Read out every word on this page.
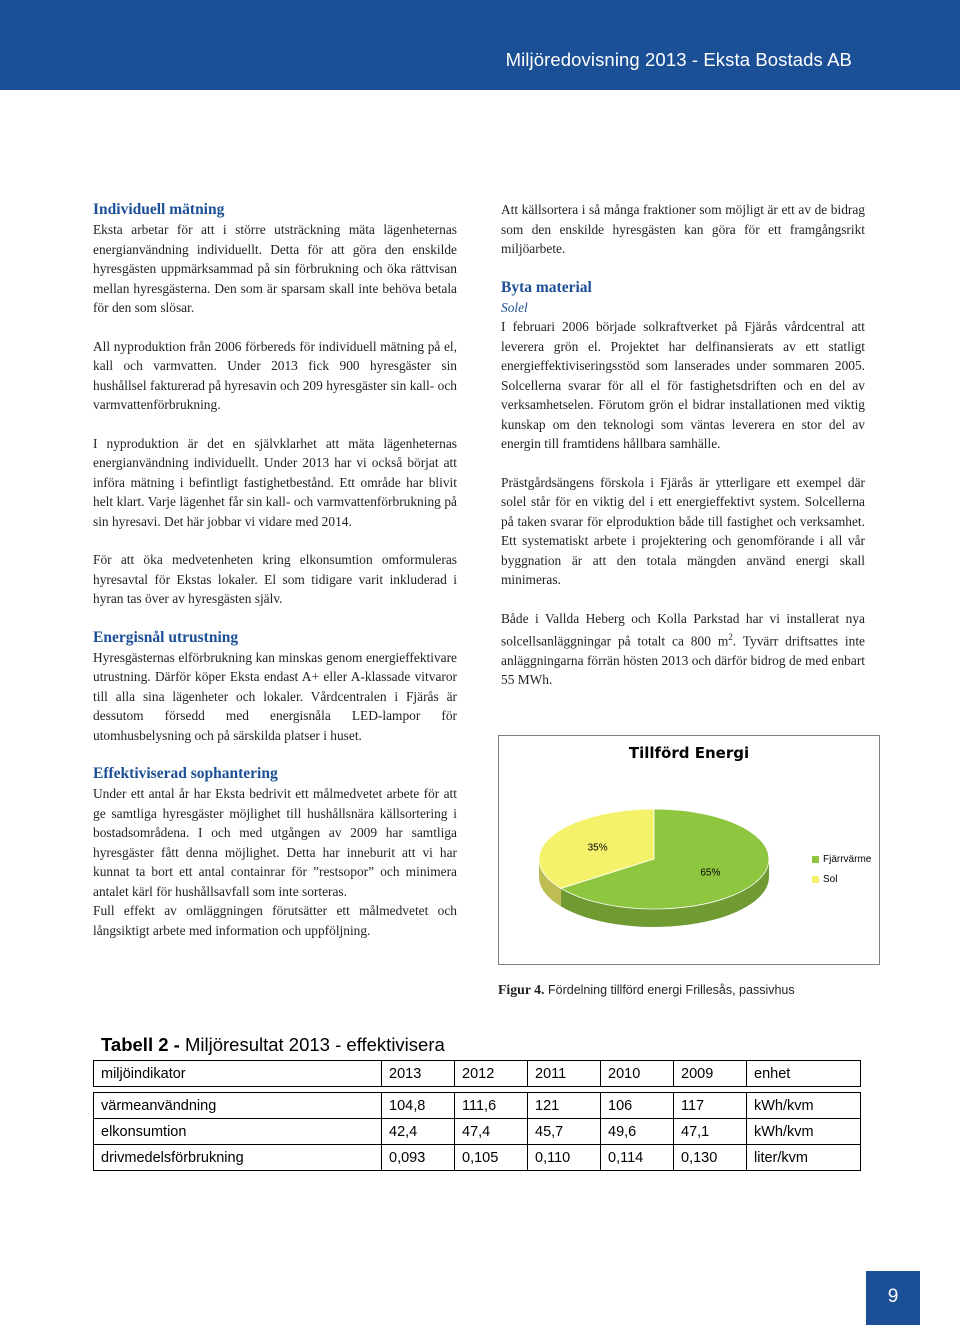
Miljöredovisning 2013 - Eksta Bostads AB
Individuell mätning

Eksta arbetar för att i större utsträckning mäta lägenheternas energianvändning individuellt. Detta för att göra den enskilde hyresgästen uppmärksammad på sin förbrukning och öka rättvisan mellan hyresgästerna. Den som är sparsam skall inte behöva betala för den som slösar.

All nyproduktion från 2006 förbereds för individuell mätning på el, kall och varmvatten. Under 2013 fick 900 hyresgäster sin hushållsel fakturerad på hyresavin och 209 hyresgäster sin kall- och varmvattenförbrukning.

I nyproduktion är det en självklarhet att mäta lägenheternas energianvändning individuellt. Under 2013 har vi också börjat att införa mätning i befintligt fastighetbestånd. Ett område har blivit helt klart. Varje lägenhet får sin kall- och varmvattenförbrukning på sin hyresavi. Det här jobbar vi vidare med 2014.

För att öka medvetenheten kring elkonsumtion omformuleras hyresavtal för Ekstas lokaler. El som tidigare varit inkluderad i hyran tas över av hyresgästen själv.

Energisnål utrustning

Hyresgästernas elförbrukning kan minskas genom energieffektivare utrustning. Därför köper Eksta endast A+ eller A-klassade vitvaror till alla sina lägenheter och lokaler. Vårdcentralen i Fjärås är dessutom försedd med energisnåla LED-lampor för utomhusbelysning och på särskilda platser i huset.

Effektiviserad sophantering

Under ett antal år har Eksta bedrivit ett målmedvetet arbete för att ge samtliga hyresgäster möjlighet till hushållsnära källsortering i bostadsområdena. I och med utgången av 2009 har samtliga hyresgäster fått denna möjlighet. Detta har inneburit att vi har kunnat ta bort ett antal containrar för ”restsopor” och minimera antalet kärl för hushållsavfall som inte sorteras.

Full effekt av omläggningen förutsätter ett målmedvetet och långsiktigt arbete med information och uppföljning.

Att källsortera i så många fraktioner som möjligt är ett av de bidrag som den enskilde hyresgästen kan göra för ett framgångsrikt miljöarbete.

Byta material
Solel

I februari 2006 började solkraftverket på Fjärås vårdcentral att leverera grön el. Projektet har delfinansierats av ett statligt energieffektiviseringsstöd som lanserades under sommaren 2005. Solcellerna svarar för all el för fastighetsdriften och en del av verksamhetselen. Förutom grön el bidrar installationen med viktig kunskap om den teknologi som väntas leverera en stor del av energin till framtidens hållbara samhälle.

Prästgårdsängens förskola i Fjärås är ytterligare ett exempel där solel står för en viktig del i ett energieffektivt system. Solcellerna på taken svarar för elproduktion både till fastighet och verksamhet. Ett systematiskt arbete i projektering och genomförande i all vår byggnation är att den totala mängden använd energi skall minimeras.

Både i Vallda Heberg och Kolla Parkstad har vi installerat nya solcellsanläggningar på totalt ca 800 $m^2$. Tyvärr driftsattes inte anläggningarna förrän hösten 2013 och därför bidrog de med enbart 55 MWh.

Tillförd Energi
65%
35%
Fjärrvärme
Sol
Figur 4. Fördelning tillförd energi Frillesås, passivhus
Tabell 2 - Miljöresultat 2013 - effektivisera
miljöindikator	2013	2012	2011	2010	2009	enhet

värmeanvändning	104,8	111,6	121	106	117	kWh/kvm
elkonsumtion	42,4	47,4	45,7	49,6	47,1	kWh/kvm
drivmedelsförbrukning	0,093	0,105	0,110	0,114	0,130	liter/kvm
9
